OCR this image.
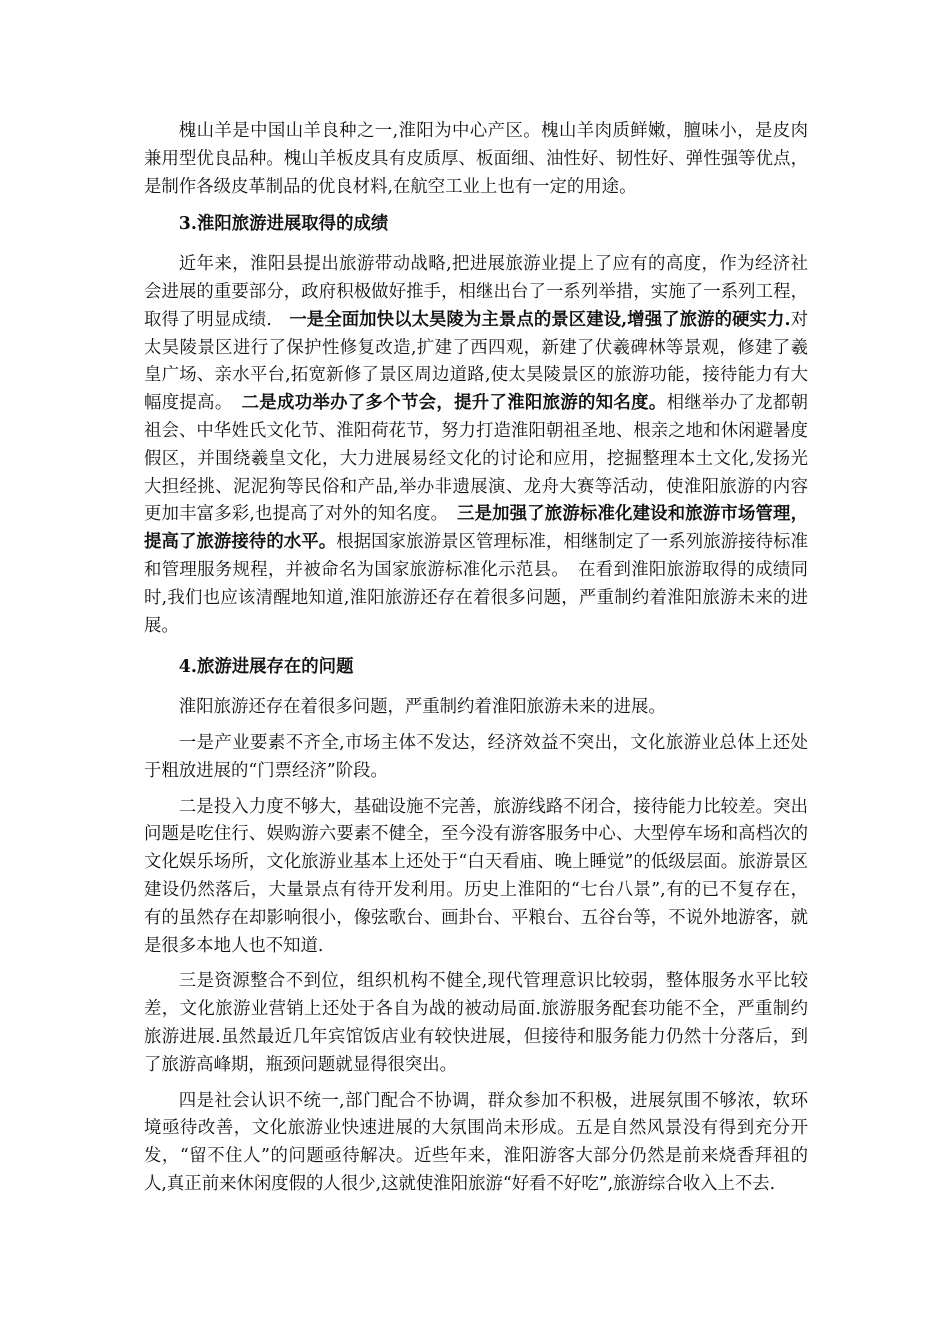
槐山羊是中国山羊良种之一,淮阳为中心产区。槐山羊肉质鲜嫩，膻味小，是皮肉兼用型优良品种。槐山羊板皮具有皮质厚、板面细、油性好、韧性好、弹性强等优点，是制作各级皮革制品的优良材料,在航空工业上也有一定的用途。

3.淮阳旅游进展取得的成绩

近年来，淮阳县提出旅游带动战略,把进展旅游业提上了应有的高度，作为经济社会进展的重要部分，政府积极做好推手，相继出台了一系列举措，实施了一系列工程，取得了明显成绩.　一是全面加快以太昊陵为主景点的景区建设,增强了旅游的硬实力.对太昊陵景区进行了保护性修复改造,扩建了西四观，新建了伏羲碑林等景观，修建了羲皇广场、亲水平台,拓宽新修了景区周边道路,使太昊陵景区的旅游功能，接待能力有大幅度提高。　二是成功举办了多个节会，提升了淮阳旅游的知名度。相继举办了龙都朝祖会、中华姓氏文化节、淮阳荷花节，努力打造淮阳朝祖圣地、根亲之地和休闲避暑度假区，并围绕羲皇文化，大力进展易经文化的讨论和应用，挖掘整理本土文化,发扬光大担经挑、泥泥狗等民俗和产品,举办非遗展演、龙舟大赛等活动，使淮阳旅游的内容更加丰富多彩,也提高了对外的知名度。　三是加强了旅游标准化建设和旅游市场管理，提高了旅游接待的水平。根据国家旅游景区管理标准，相继制定了一系列旅游接待标准和管理服务规程，并被命名为国家旅游标准化示范县。　在看到淮阳旅游取得的成绩同时,我们也应该清醒地知道,淮阳旅游还存在着很多问题，严重制约着淮阳旅游未来的进展。

4.旅游进展存在的问题

淮阳旅游还存在着很多问题，严重制约着淮阳旅游未来的进展。

一是产业要素不齐全,市场主体不发达，经济效益不突出，文化旅游业总体上还处于粗放进展的“门票经济”阶段。

二是投入力度不够大，基础设施不完善，旅游线路不闭合，接待能力比较差。突出问题是吃住行、娱购游六要素不健全，至今没有游客服务中心、大型停车场和高档次的文化娱乐场所，文化旅游业基本上还处于“白天看庙、晚上睡觉”的低级层面。旅游景区建设仍然落后，大量景点有待开发利用。历史上淮阳的“七台八景”,有的已不复存在，有的虽然存在却影响很小，像弦歌台、画卦台、平粮台、五谷台等，不说外地游客，就是很多本地人也不知道.

三是资源整合不到位，组织机构不健全,现代管理意识比较弱，整体服务水平比较差，文化旅游业营销上还处于各自为战的被动局面.旅游服务配套功能不全，严重制约旅游进展.虽然最近几年宾馆饭店业有较快进展，但接待和服务能力仍然十分落后，到了旅游高峰期，瓶颈问题就显得很突出。

四是社会认识不统一,部门配合不协调，群众参加不积极，进展氛围不够浓，软环境亟待改善，文化旅游业快速进展的大氛围尚未形成。五是自然风景没有得到充分开发，“留不住人”的问题亟待解决。近些年来，淮阳游客大部分仍然是前来烧香拜祖的人,真正前来休闲度假的人很少,这就使淮阳旅游“好看不好吃”,旅游综合收入上不去.
